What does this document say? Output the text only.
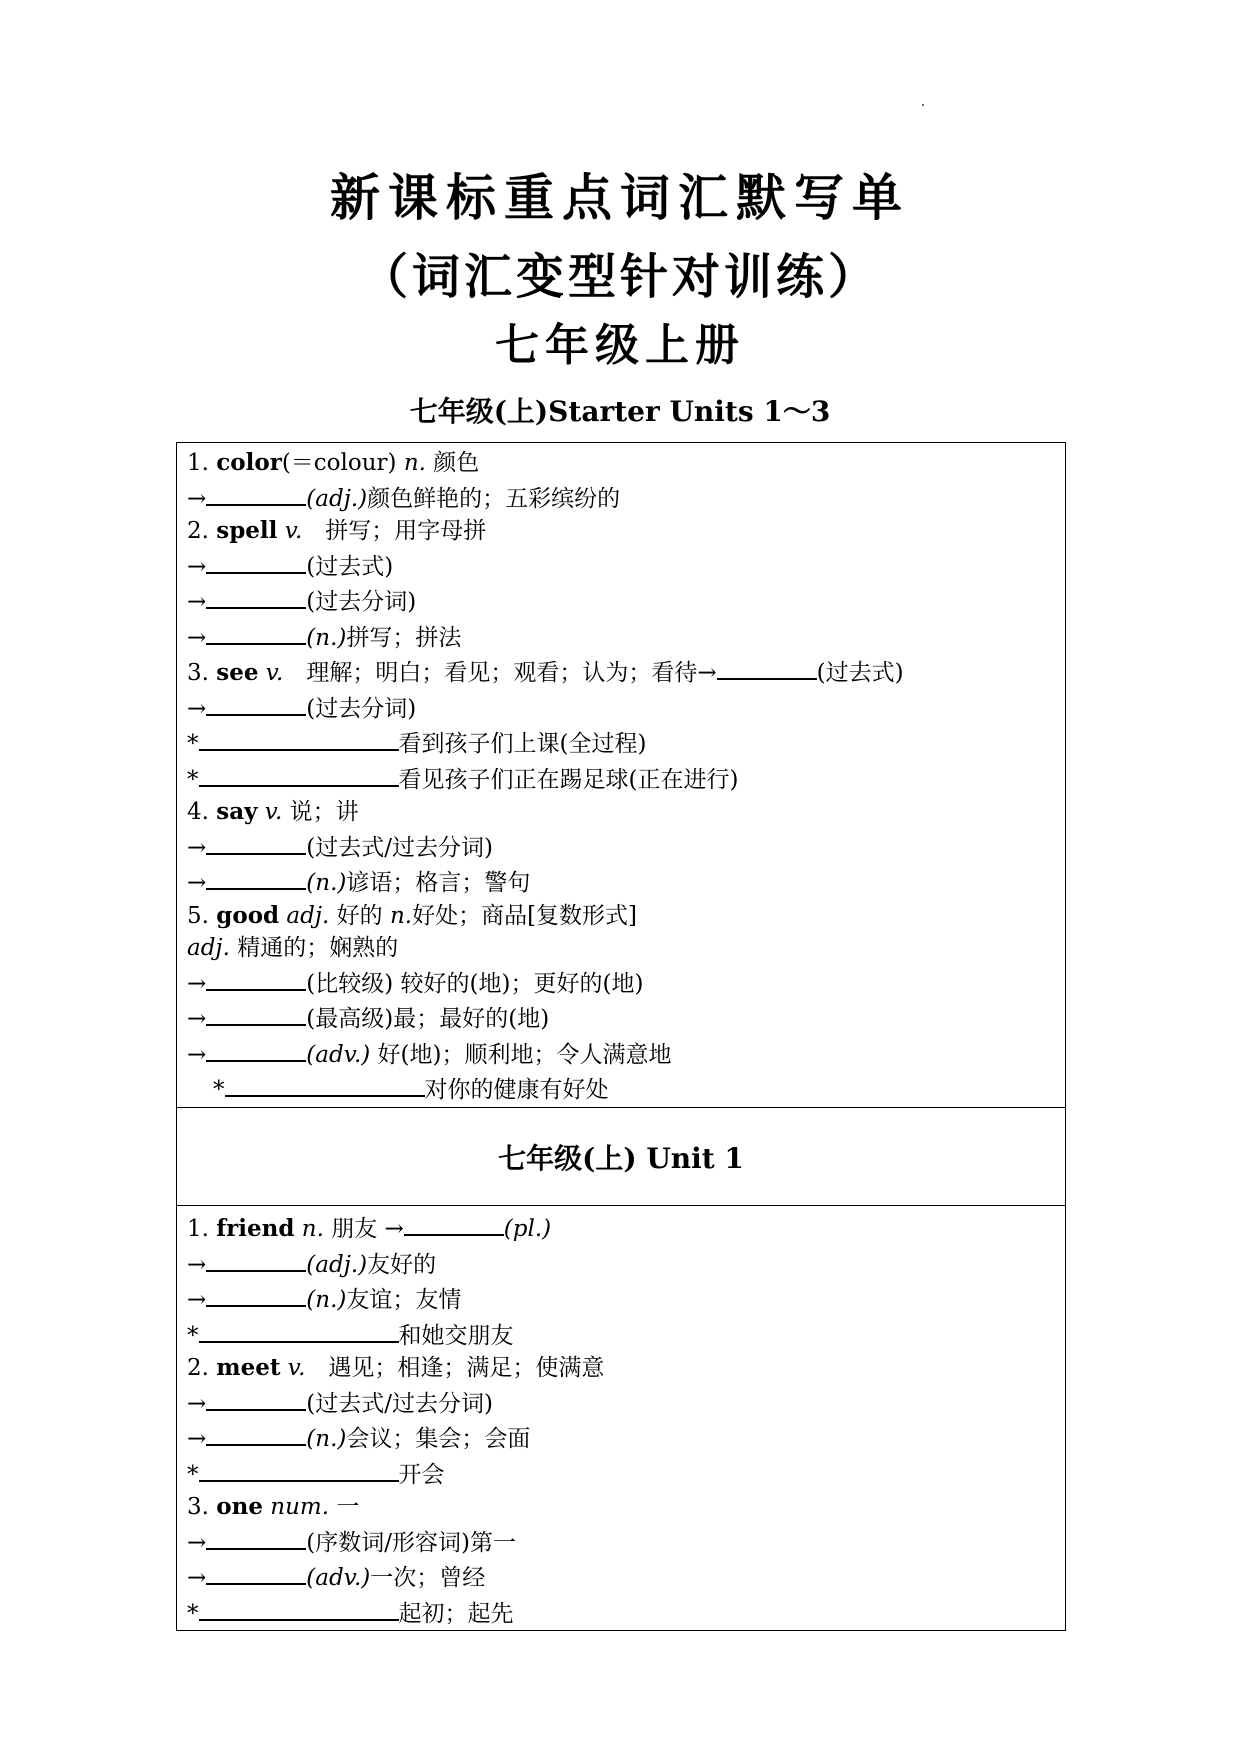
新课标重点词汇默写单
（词汇变型针对训练）
七年级上册
七年级(上)Starter Units 1～3
1. color(＝colour) n. 颜色
→	(adj.)颜色鲜艳的；五彩缤纷的
2. spell v.　拼写；用字母拼
→	(过去式)
→	(过去分词)
→	(n.)拼写；拼法
3. see v.　理解；明白；看见；观看；认为；看待→	(过去式)
→	(过去分词)
*	看到孩子们上课(全过程)
*	看见孩子们正在踢足球(正在进行)
4. say v. 说；讲
→	(过去式/过去分词)
→	(n.)谚语；格言；警句
5. good adj. 好的 n.好处；商品[复数形式]
adj. 精通的；娴熟的
→	(比较级) 较好的(地)；更好的(地)
→	(最高级)最；最好的(地)
→	(adv.) 好(地)；顺利地；令人满意地
*	对你的健康有好处

七年级(上) Unit 1

1. friend n. 朋友 →	(pl.)
→	(adj.)友好的
→	(n.)友谊；友情
*	和她交朋友
2. meet v.　遇见；相逢；满足；使满意
→	(过去式/过去分词)
→	(n.)会议；集会；会面
*	开会
3. one num. 一
→	(序数词/形容词)第一
→	(adv.)一次；曾经
*	起初；起先
